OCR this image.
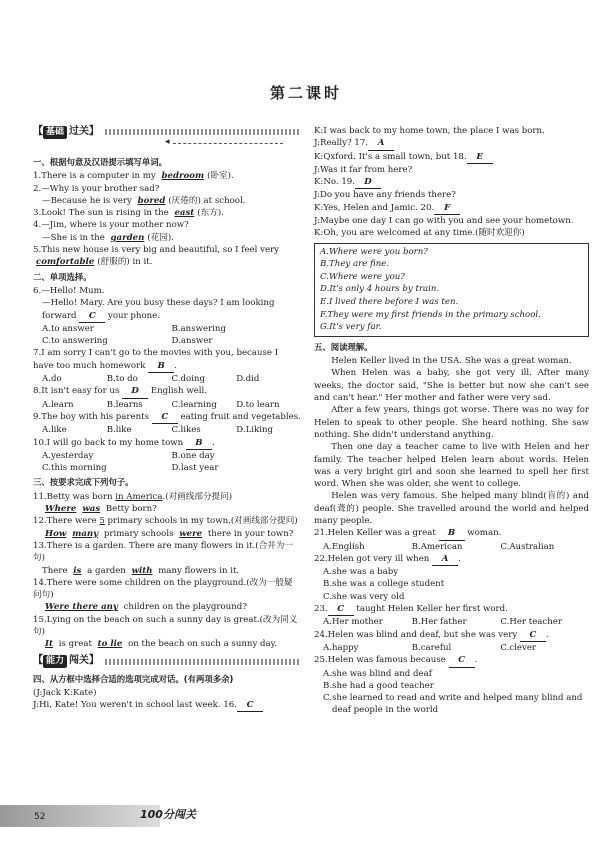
第二课时
【 基础 过关 】
◂
一、根据句意及汉语提示填写单词。
1.There is a computer in my bedroom (卧室).
2.—Why is your brother sad?
—Because he is very bored (厌倦的) at school.
3.Look! The sun is rising in the east (东方).
4.—Jim, where is your mother now?
—She is in the garden (花园).
5.This new house is very big and beautiful, so I feel very comfortable (舒服的) in it.
二、单项选择。
6.—Hello! Mum.
—Hello! Mary. Are you busy these days? I am looking forward C your phone.
A.to answer	B.answering
C.to answering	D.answer
7.I am sorry I can't go to the movies with you, because I have too much homework B .
A.do	B.to do	C.doing	D.did
8.It isn't easy for us D English well.
A.learn	B.learns	C.learning	D.to learn
9.The boy with his parents C eating fruit and vegetables.
A.like	B.like	C.likes	D.Liking
10.I will go back to my home town B .
A.yesterday	B.one day
C.this morning	D.last year
三、按要求完成下列句子。
11.Betty was born in America.(对画线部分提问)
Where was Betty born?
12.There were 5 primary schools in my town.(对画线部分提问)
How many primary schools were there in your town?
13.There is a garden. There are many flowers in it.(合并为一句)
There is a garden with many flowers in it.
14.There were some children on the playground.(改为一般疑问句)
Were there any children on the playground?
15.Lying on the beach on such a sunny day is great.(改为同义句)
It is great to lie on the beach on such a sunny day.
【 能力 闯关 】
四、从方框中选择合适的选项完成对话。(有两项多余)
(J:Jack K:Kate)
J:Hi, Kate! You weren't in school last week. 16. C
K:I was back to my home town, the place I was born.
J:Really? 17. A
K:Qxford. It's a small town, but 18. E
J:Was it far from here?
K:No. 19. D
J:Do you have any friends there?
K:Yes, Helen and Jamic. 20. F
J:Maybe one day I can go with you and see your hometown.
K:Oh, you are welcomed at any time.(随时欢迎你)
A.Where were you born?
B.They are fine.
C.Where were you?
D.It's only 4 hours by train.
E.I lived there before I was ten.
F.They were my first friends in the primary school.
G.It's very far.
五、阅读理解。

Helen Keller lived in the USA. She was a great woman.

When Helen was a baby, she got very ill. After many weeks, the doctor said, "She is better but now she can't see and can't hear." Her mother and father were very sad.

After a few years, things got worse. There was no way for Helen to speak to other people. She heard nothing. She saw nothing. She didn't understand anything.

Then one day a teacher came to live with Helen and her family. The teacher helped Helen learn about words. Helen was a very bright girl and soon she learned to spell her first word. When she was older, she went to college.

Helen was very famous. She helped many blind(盲的) and deaf(聋的) people. She travelled around the world and helped many people.

21.Helen Keller was a great B woman.
A.English	B.American	C.Australian
22.Helen got very ill when A .
A.she was a baby
B.she was a college student
C.she was very old
23. C taught Helen Keller her first word.
A.Her mother	B.Her father	C.Her teacher
24.Helen was blind and deaf, but she was very C .
A.happy	B.careful	C.clever
25.Helen was famous because C .
A.she was blind and deaf
B.she had a good teacher
C.she learned to read and write and helped many blind and deaf people in the world
52	100分闯关
